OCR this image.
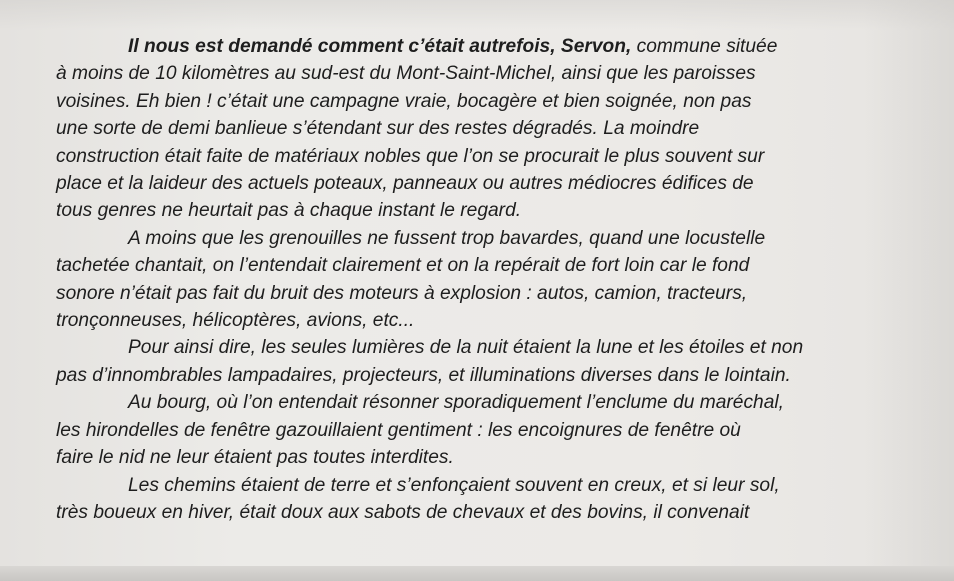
Il nous est demandé comment c’était autrefois, Servon, commune située
à moins de 10 kilomètres au sud-est du Mont-Saint-Michel, ainsi que les paroisses
voisines. Eh bien ! c’était une campagne vraie, bocagère et bien soignée, non pas
une sorte de demi banlieue s’étendant sur des restes dégradés. La moindre
construction était faite de matériaux nobles que l’on se procurait le plus souvent sur
place et la laideur des actuels poteaux, panneaux ou autres médiocres édifices de
tous genres ne heurtait pas à chaque instant le regard.
A moins que les grenouilles ne fussent trop bavardes, quand une locustelle
tachetée chantait, on l’entendait clairement et on la repérait de fort loin car le fond
sonore n’était pas fait du bruit des moteurs à explosion : autos, camion, tracteurs,
tronçonneuses, hélicoptères, avions, etc...
Pour ainsi dire, les seules lumières de la nuit étaient la lune et les étoiles et non
pas d’innombrables lampadaires, projecteurs, et illuminations diverses dans le lointain.
Au bourg, où l’on entendait résonner sporadiquement l’enclume du maréchal,
les hirondelles de fenêtre gazouillaient gentiment : les encoignures de fenêtre où
faire le nid ne leur étaient pas toutes interdites.
Les chemins étaient de terre et s’enfonçaient souvent en creux, et si leur sol,
très boueux en hiver, était doux aux sabots de chevaux et des bovins, il convenait
